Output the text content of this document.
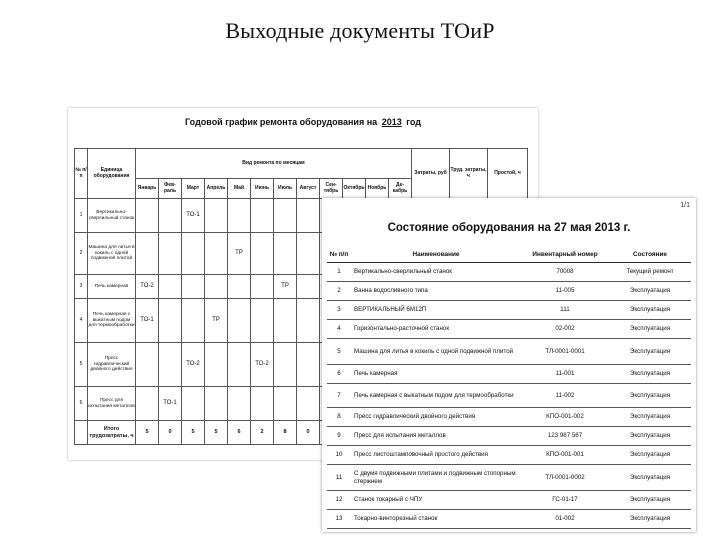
Выходные документы ТОиР
Годовой график ремонта оборудования на 2013 год
№ п/п	Единица оборудования	Вид ремонта по месяцам												Затраты, руб	Труд. затраты, ч	Простой, ч
		Январь	Фев-раль	Март	Апрель	Май	Июнь	Июль	Август	Сен-тябрь	Октябрь	Ноябрь	Де-кабрь			
1	Вертикально-сверлильный станок			ТО-1												
2	Машина для литья в кокиль с одной подвижной плитой					ТР										
3	Печь камерная	ТО-2						ТР								
4	Печь камерная с выкатным подом для термообработки	ТО-1			ТР											
5	Пресс гидравлический двойного действия			ТО-2			ТО-2									
6	Пресс для испытания металлов		ТО-1													
	Итого трудозатраты, ч	5	0	5	5	6	2	8	0							
1/1
Состояние оборудования на 27 мая 2013 г.
№ п/п	Наименование	Инвентарный номер	Состояние
1	Вертикально-сверлильный станок	70008	Текущий ремонт
2	Ванна водосливного типа	11-005	Эксплуатация
3	ВЕРТИКАЛЬНЫЙ 6М12П	111	Эксплуатация
4	Горизонтально-расточной станок	02-002	Эксплуатация
5	Машина для литья в кокиль с одной подвижной плитой	ТЛ-0001-0001	Эксплуатация
6	Печь камерная	11-001	Эксплуатация
7	Печь камерная с выкатным подом для термообработки	11-002	Эксплуатация
8	Пресс гидравлический двойного действия	КПО-001-002	Эксплуатация
9	Пресс для испытания металлов	123 987 567	Эксплуатация
10	Пресс листоштамповочный простого действия	КПО-001-001	Эксплуатация
11	С двумя подвижными плитами и подвижным стопорным стержнем	ТЛ-0001-0002	Эксплуатация
12	Станок токарный с ЧПУ	ГС-01-17	Эксплуатация
13	Токарно-винторезный станок	01-002	Эксплуатация
